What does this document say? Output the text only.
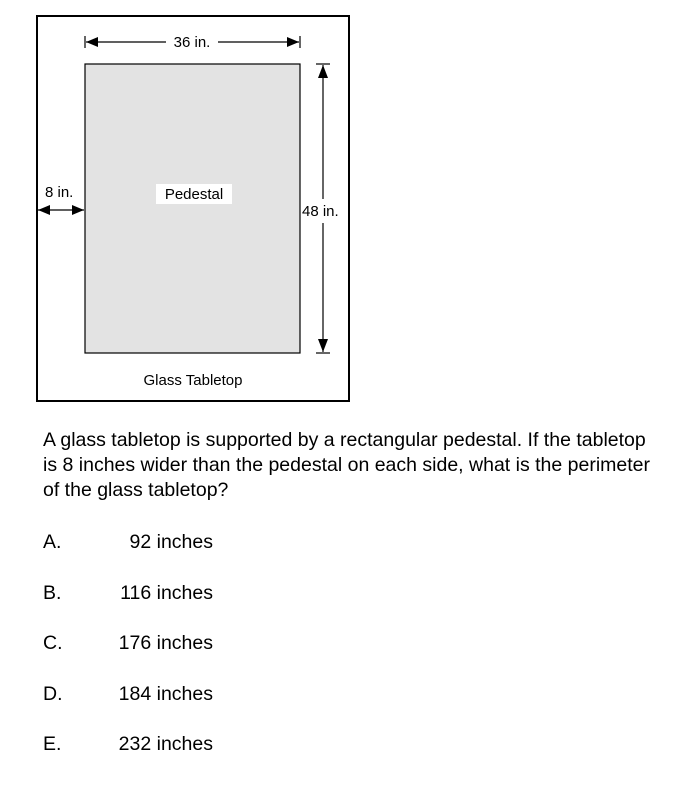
36 in.
48 in.
8 in.	Pedestal
Glass Tabletop

A glass tabletop is supported by a rectangular pedestal. If the tabletop is 8 inches wider than the pedestal on each side, what is the perimeter of the glass tabletop?

A.	92 inches
B.	116 inches
C.	176 inches
D.	184 inches
E.	232 inches
